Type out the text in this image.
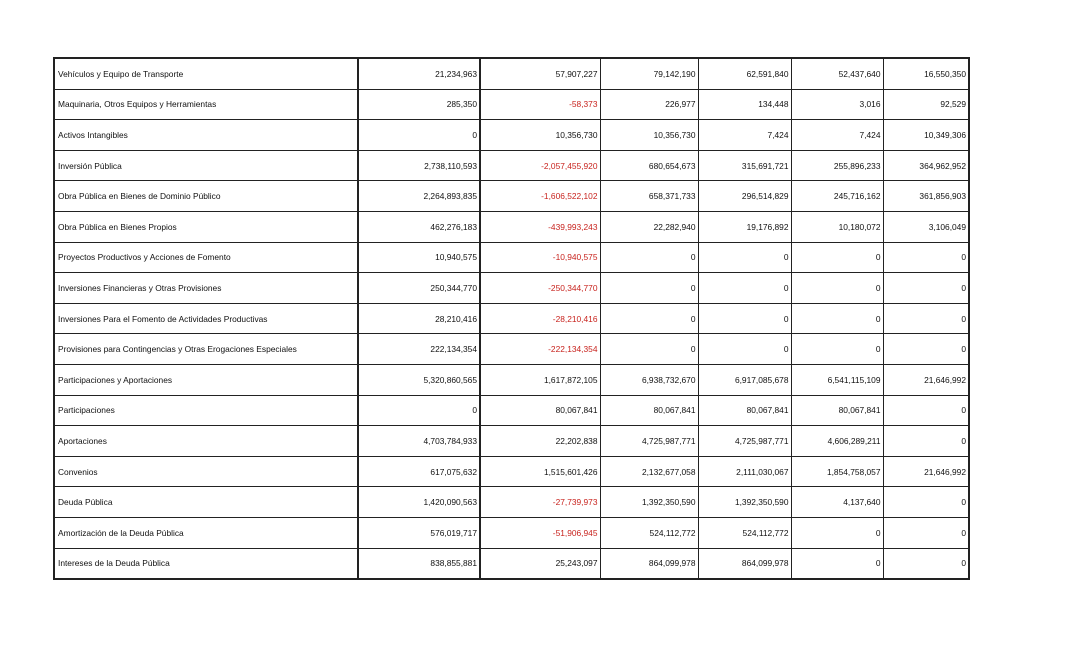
Vehículos y Equipo de Transporte	21,234,963	57,907,227	79,142,190	62,591,840	52,437,640	16,550,350
Maquinaria, Otros Equipos y Herramientas	285,350	-58,373	226,977	134,448	3,016	92,529
Activos Intangibles	0	10,356,730	10,356,730	7,424	7,424	10,349,306
Inversión Pública	2,738,110,593	-2,057,455,920	680,654,673	315,691,721	255,896,233	364,962,952
Obra Pública en Bienes de Dominio Público	2,264,893,835	-1,606,522,102	658,371,733	296,514,829	245,716,162	361,856,903
Obra Pública en Bienes Propios	462,276,183	-439,993,243	22,282,940	19,176,892	10,180,072	3,106,049
Proyectos Productivos y Acciones de Fomento	10,940,575	-10,940,575	0	0	0	0
Inversiones Financieras y Otras Provisiones	250,344,770	-250,344,770	0	0	0	0
Inversiones Para el Fomento de Actividades Productivas	28,210,416	-28,210,416	0	0	0	0
Provisiones para Contingencias y Otras Erogaciones Especiales	222,134,354	-222,134,354	0	0	0	0
Participaciones y Aportaciones	5,320,860,565	1,617,872,105	6,938,732,670	6,917,085,678	6,541,115,109	21,646,992
Participaciones	0	80,067,841	80,067,841	80,067,841	80,067,841	0
Aportaciones	4,703,784,933	22,202,838	4,725,987,771	4,725,987,771	4,606,289,211	0
Convenios	617,075,632	1,515,601,426	2,132,677,058	2,111,030,067	1,854,758,057	21,646,992
Deuda Pública	1,420,090,563	-27,739,973	1,392,350,590	1,392,350,590	4,137,640	0
Amortización de la Deuda Pública	576,019,717	-51,906,945	524,112,772	524,112,772	0	0
Intereses de la Deuda Pública	838,855,881	25,243,097	864,099,978	864,099,978	0	0
